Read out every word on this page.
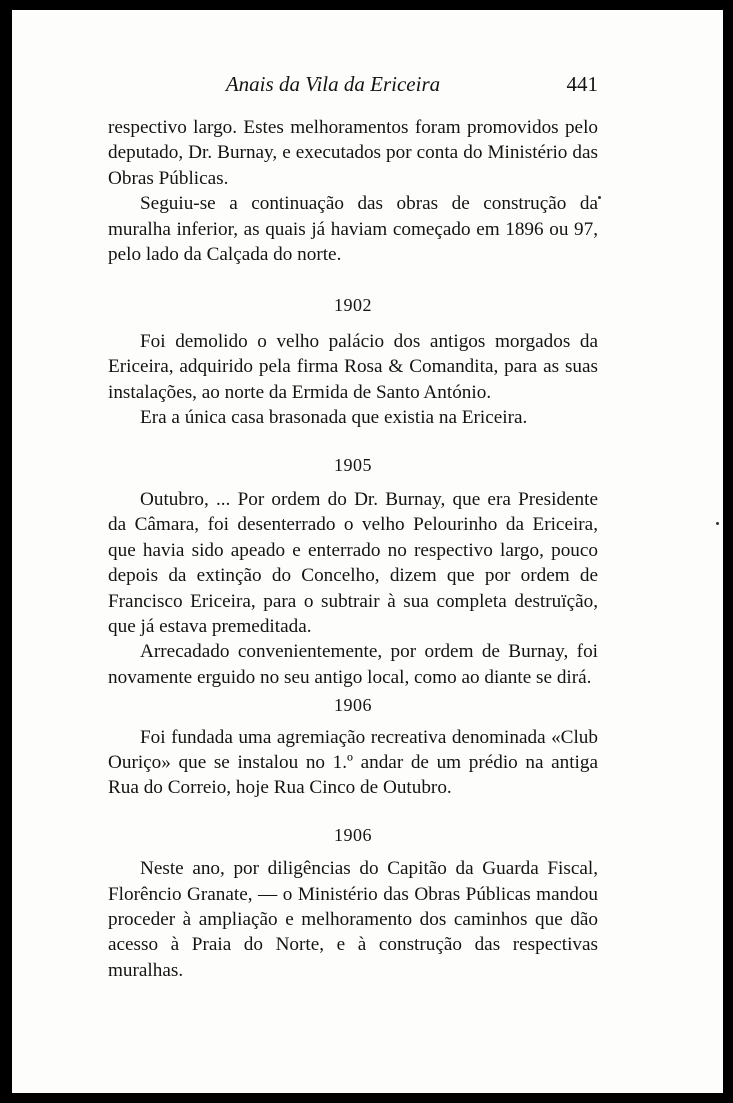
Anais da Vila da Ericeira	441

respectivo largo. Estes melhoramentos foram promovidos pelo deputado, Dr. Burnay, e executados por conta do Ministério das Obras Públicas.

Seguiu-se a continuação das obras de construção da muralha inferior, as quais já haviam começado em 1896 ou 97, pelo lado da Calçada do norte.

1902

Foi demolido o velho palácio dos antigos morgados da Ericeira, adquirido pela firma Rosa & Comandita, para as suas instalações, ao norte da Ermida de Santo António.

Era a única casa brasonada que existia na Ericeira.

1905

Outubro, ... Por ordem do Dr. Burnay, que era Presidente da Câmara, foi desenterrado o velho Pelourinho da Ericeira, que havia sido apeado e enterrado no respectivo largo, pouco depois da extinção do Concelho, dizem que por ordem de Francisco Ericeira, para o subtrair à sua completa destruïção, que já estava premeditada.

Arrecadado convenientemente, por ordem de Burnay, foi novamente erguido no seu antigo local, como ao diante se dirá.

1906

Foi fundada uma agremiação recreativa denominada «Club Ouriço» que se instalou no 1.º andar de um prédio na antiga Rua do Correio, hoje Rua Cinco de Outubro.

1906

Neste ano, por diligências do Capitão da Guarda Fiscal, Florêncio Granate, — o Ministério das Obras Públicas mandou proceder à ampliação e melhoramento dos caminhos que dão acesso à Praia do Norte, e à construção das respectivas muralhas.
